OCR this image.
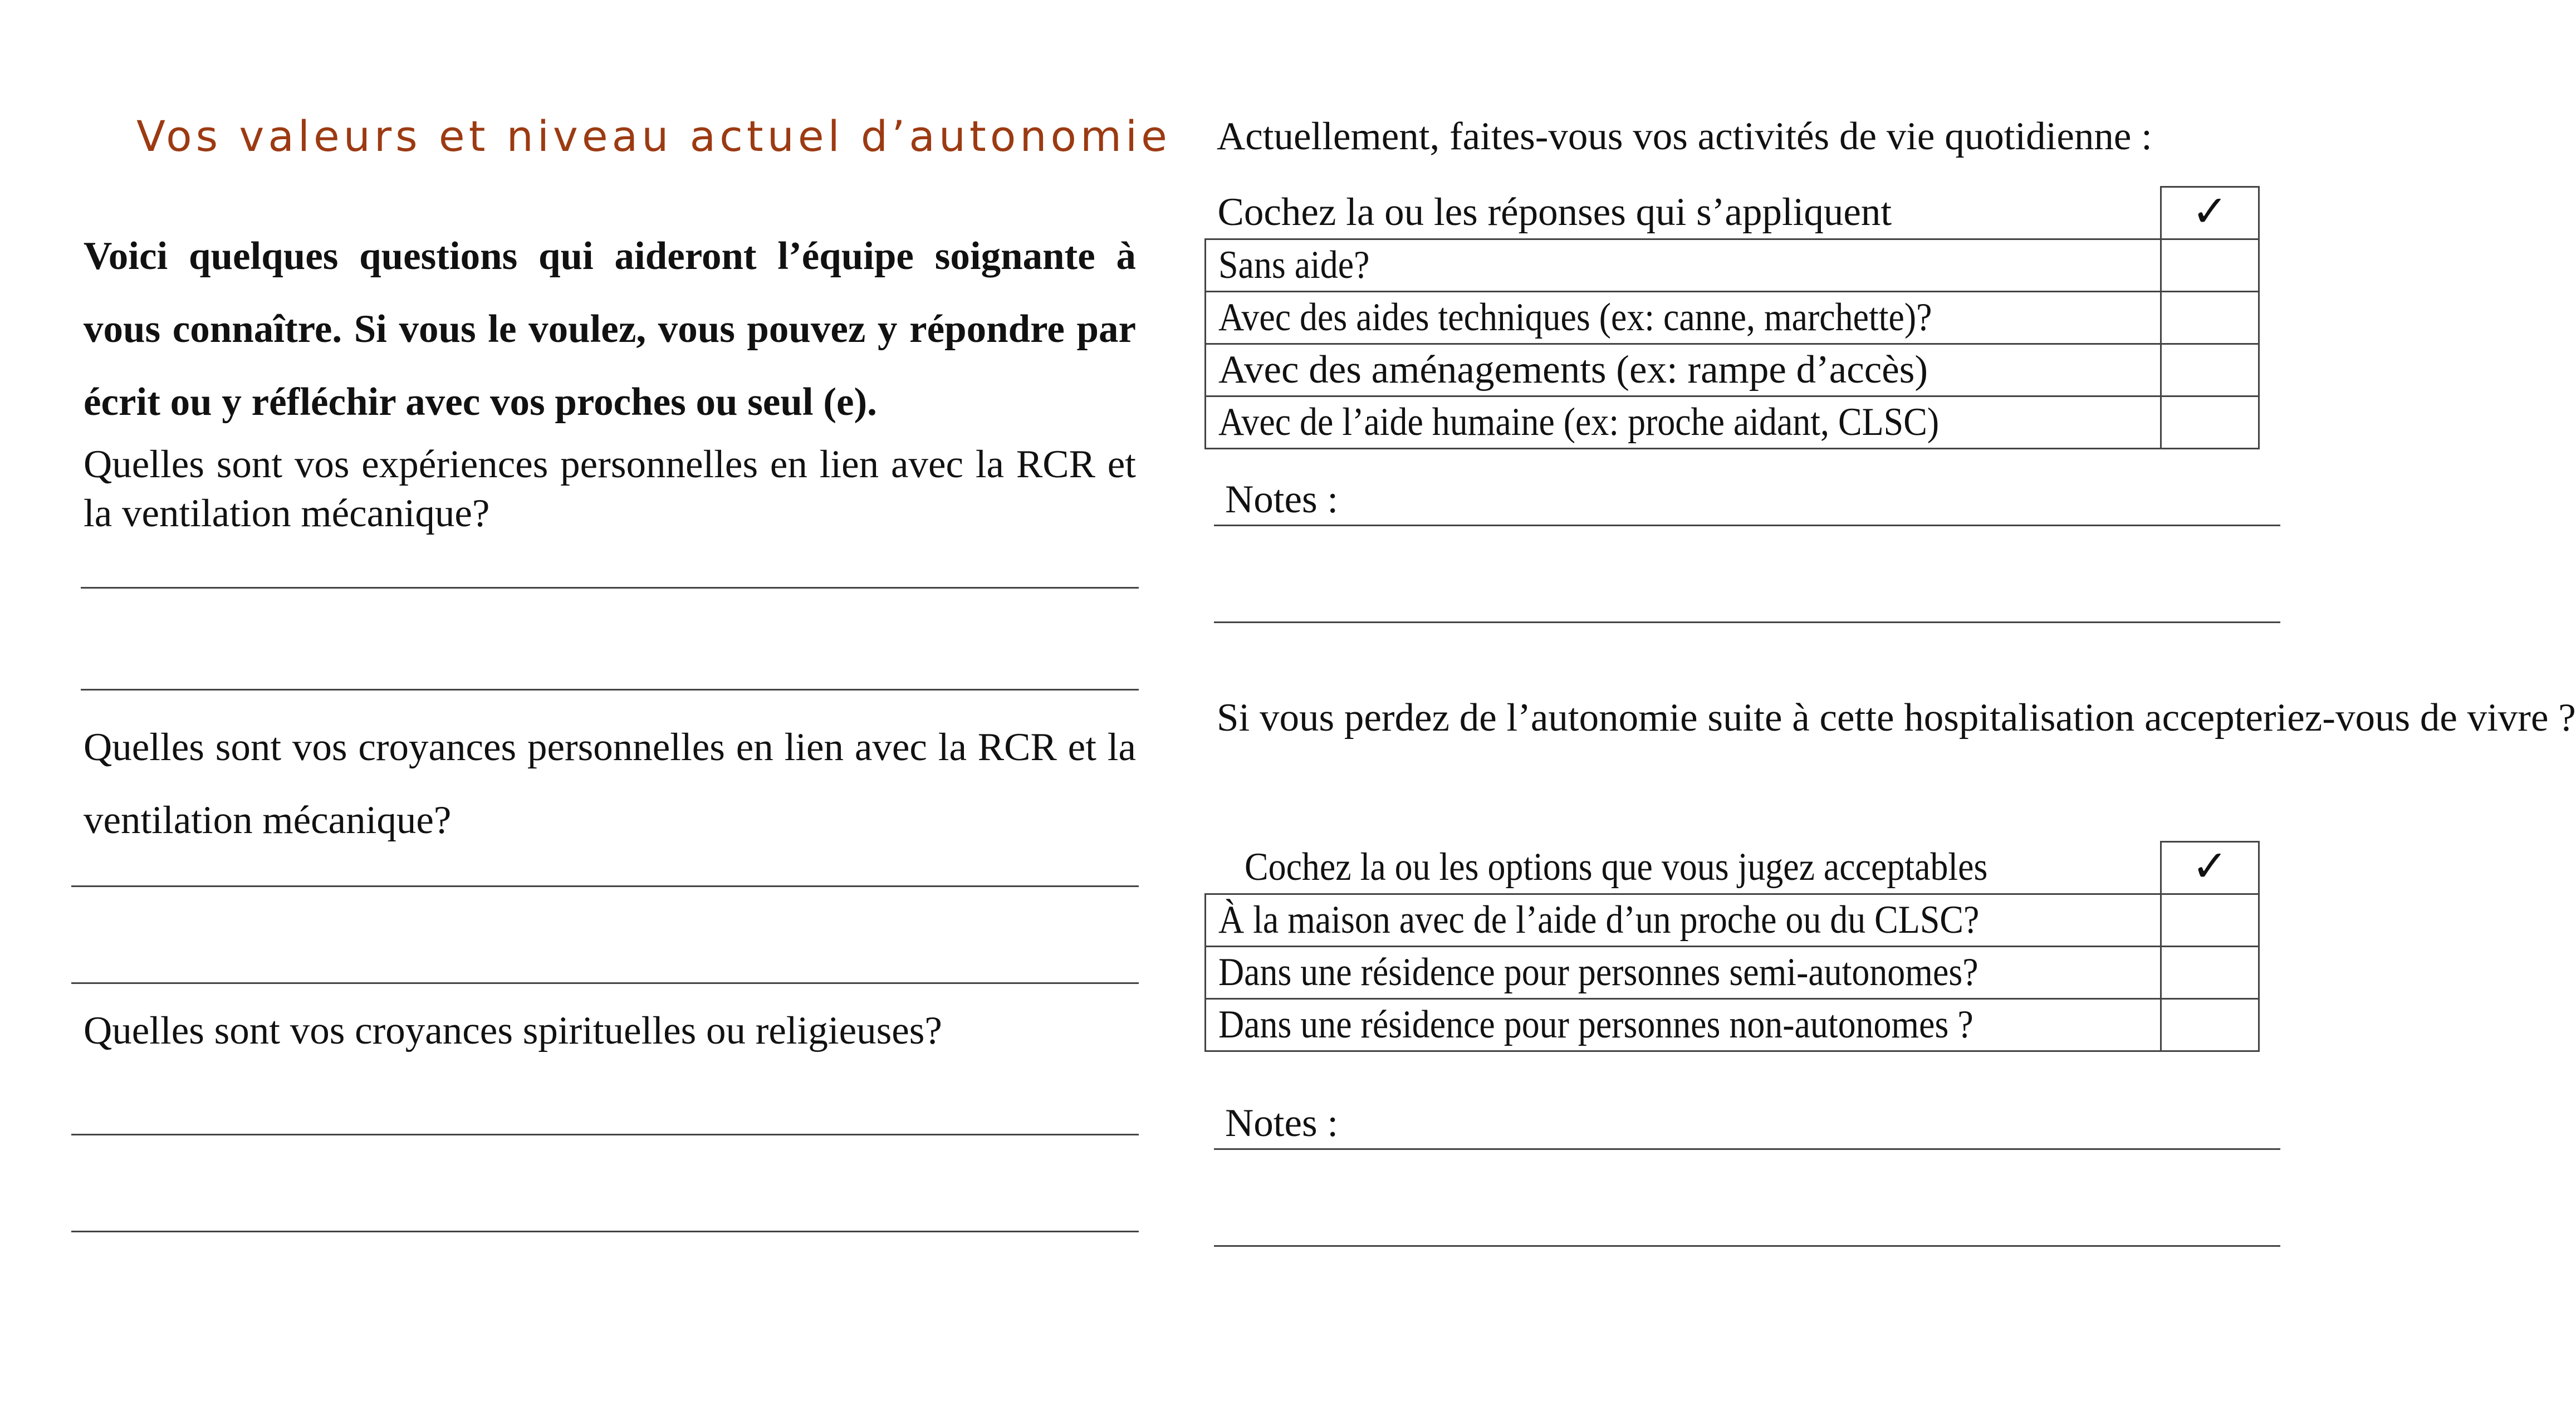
Vos valeurs et niveau actuel d’autonomie
Voici quelques questions qui aideront l’équipe soignante à vous connaître. Si vous le voulez, vous pouvez y répondre par écrit ou y réfléchir avec vos proches ou seul (e).
Quelles sont vos expériences personnelles en lien avec la RCR et la ventilation mécanique?
Quelles sont vos croyances personnelles en lien avec la RCR et la ventilation mécanique?
Quelles sont vos croyances spirituelles ou religieuses?
Actuellement, faites-vous vos activités de vie quotidienne :
Cochez la ou les réponses qui s’appliquent	✓
Sans aide?	
Avec des aides techniques (ex: canne, marchette)?	
Avec des aménagements (ex: rampe d’accès)	
Avec de l’aide humaine (ex: proche aidant, CLSC)	
Notes :
Si vous perdez de l’autonomie suite à cette hospitalisation accepteriez-vous de vivre ?
Cochez la ou les options que vous jugez acceptables	✓
À la maison avec de l’aide d’un proche ou du CLSC?	
Dans une résidence pour personnes semi-autonomes?	
Dans une résidence pour personnes non-autonomes ?	
Notes :
